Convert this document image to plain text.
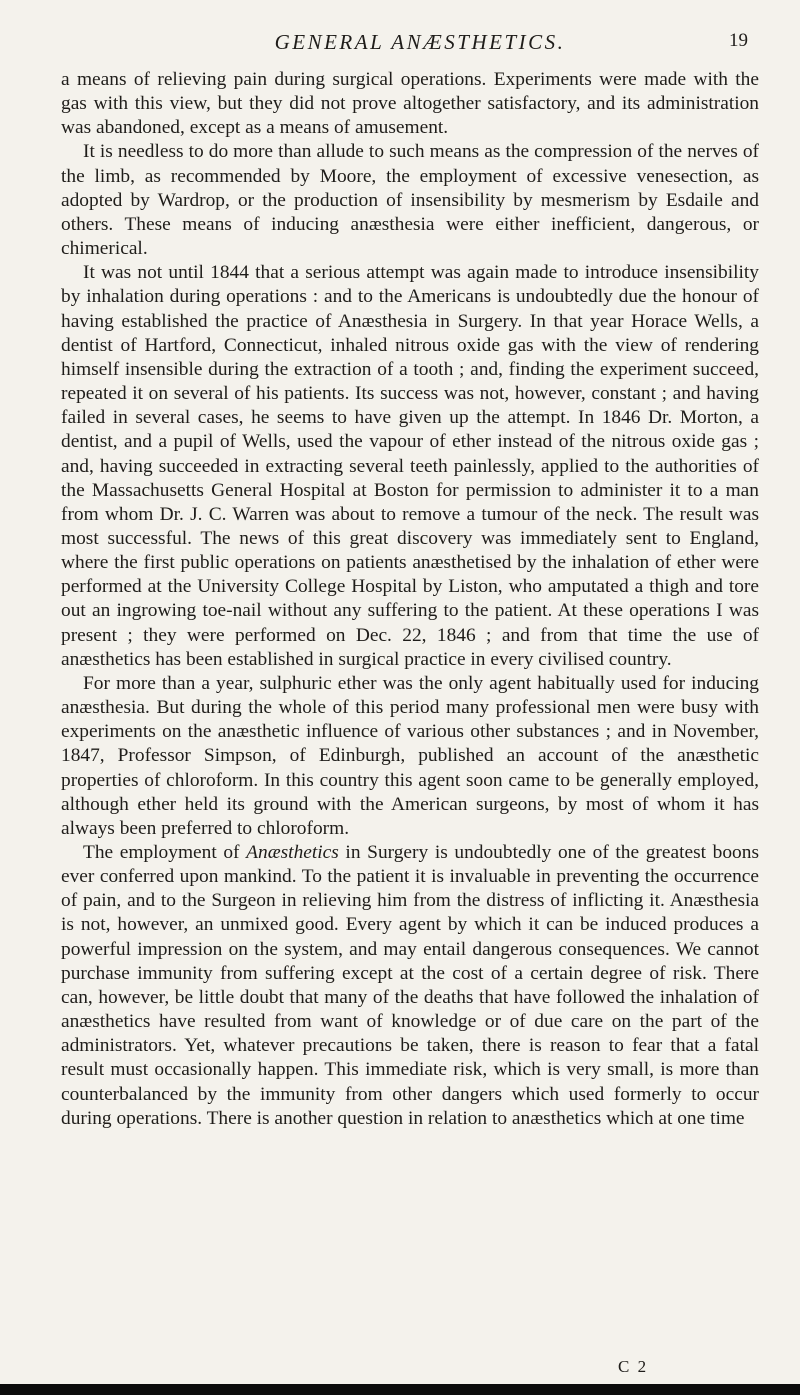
GENERAL ANÆSTHETICS.	19

a means of relieving pain during surgical operations. Experiments were made with the gas with this view, but they did not prove altogether satisfactory, and its administration was abandoned, except as a means of amusement.

It is needless to do more than allude to such means as the compression of the nerves of the limb, as recommended by Moore, the employment of excessive venesection, as adopted by Wardrop, or the production of insensibility by mesmerism by Esdaile and others. These means of inducing anæsthesia were either inefficient, dangerous, or chimerical.

It was not until 1844 that a serious attempt was again made to introduce insensibility by inhalation during operations : and to the Americans is undoubtedly due the honour of having established the practice of Anæsthesia in Surgery. In that year Horace Wells, a dentist of Hartford, Connecticut, inhaled nitrous oxide gas with the view of rendering himself insensible during the extraction of a tooth ; and, finding the experiment succeed, repeated it on several of his patients. Its success was not, however, constant ; and having failed in several cases, he seems to have given up the attempt. In 1846 Dr. Morton, a dentist, and a pupil of Wells, used the vapour of ether instead of the nitrous oxide gas ; and, having succeeded in extracting several teeth painlessly, applied to the authorities of the Massachusetts General Hospital at Boston for permission to administer it to a man from whom Dr. J. C. Warren was about to remove a tumour of the neck. The result was most successful. The news of this great discovery was immediately sent to England, where the first public operations on patients anæsthetised by the inhalation of ether were performed at the University College Hospital by Liston, who amputated a thigh and tore out an ingrowing toe-nail without any suffering to the patient. At these operations I was present ; they were performed on Dec. 22, 1846 ; and from that time the use of anæsthetics has been established in surgical practice in every civilised country.

For more than a year, sulphuric ether was the only agent habitually used for inducing anæsthesia. But during the whole of this period many professional men were busy with experiments on the anæsthetic influence of various other substances ; and in November, 1847, Professor Simpson, of Edinburgh, published an account of the anæsthetic properties of chloroform. In this country this agent soon came to be generally employed, although ether held its ground with the American surgeons, by most of whom it has always been preferred to chloroform.

The employment of Anæsthetics in Surgery is undoubtedly one of the greatest boons ever conferred upon mankind. To the patient it is invaluable in preventing the occurrence of pain, and to the Surgeon in relieving him from the distress of inflicting it. Anæsthesia is not, however, an unmixed good. Every agent by which it can be induced produces a powerful impression on the system, and may entail dangerous consequences. We cannot purchase immunity from suffering except at the cost of a certain degree of risk. There can, however, be little doubt that many of the deaths that have followed the inhalation of anæsthetics have resulted from want of knowledge or of due care on the part of the administrators. Yet, whatever precautions be taken, there is reason to fear that a fatal result must occasionally happen. This immediate risk, which is very small, is more than counterbalanced by the immunity from other dangers which used formerly to occur during operations. There is another question in relation to anæsthetics which at one time

C 2
